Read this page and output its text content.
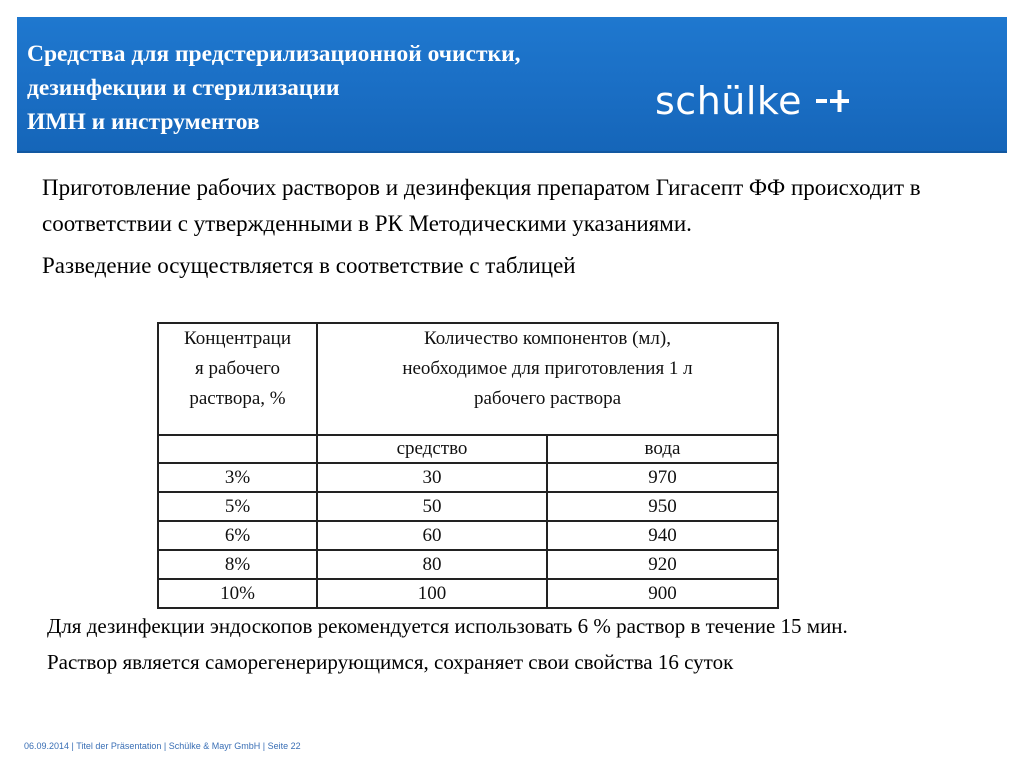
Средства для предстерилизационной очистки,
дезинфекции и стерилизации
ИМН и инструментов	schülke

Приготовление рабочих растворов и дезинфекция препаратом Гигасепт ФФ происходит в соответствии с утвержденными в РК Методическими указаниями.

Разведение осуществляется в соответствие с таблицей

Концентраци
я рабочего
раствора, %	Количество компонентов (мл),
необходимое для приготовления 1 л
рабочего раствора	

	средство	вода
3%	30	970
5%	50	950
6%	60	940
8%	80	920
10%	100	900

Для дезинфекции эндоскопов рекомендуется использовать 6 % раствор в течение 15 мин.

Раствор является саморегенерирующимся, сохраняет свои свойства 16 суток

06.09.2014 | Titel der Präsentation | Schülke & Mayr GmbH | Seite 22
